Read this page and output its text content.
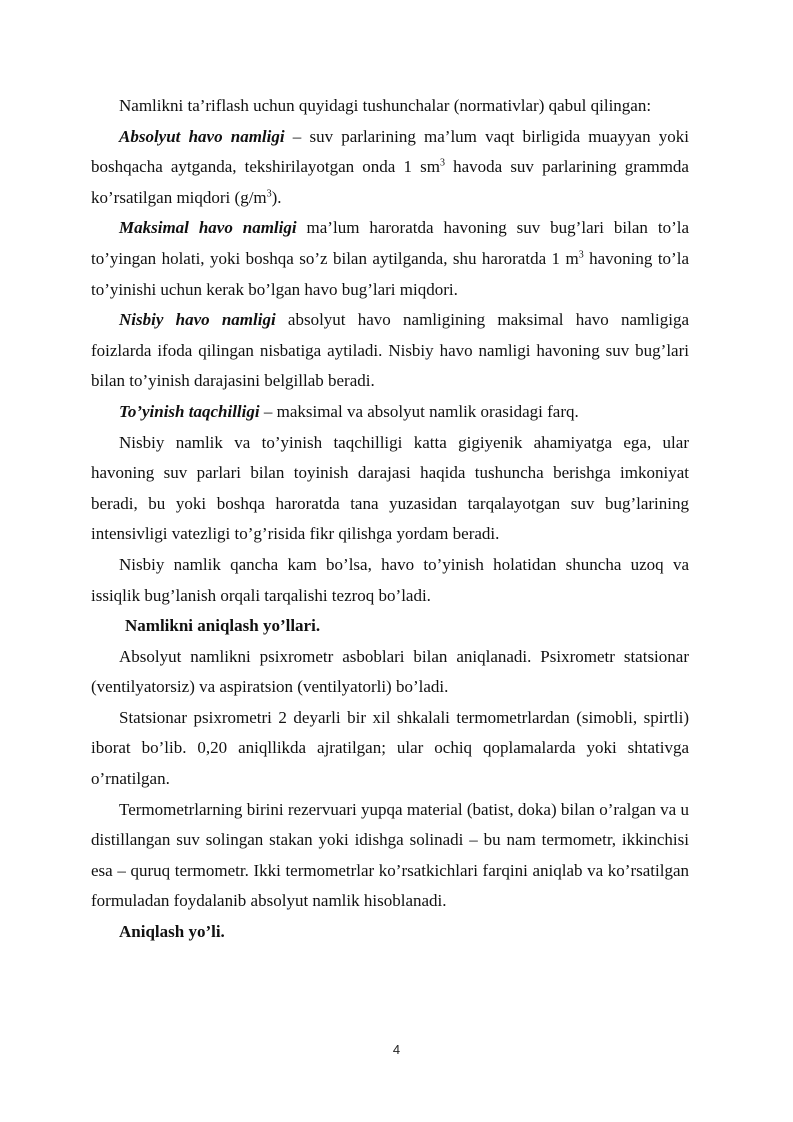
Namlikni ta’riflash uchun quyidagi tushunchalar (normativlar) qabul qilingan:

Absolyut havo namligi – suv parlarining ma’lum vaqt birligida muayyan yoki boshqacha aytganda, tekshirilayotgan onda 1 $sm^3$ havoda suv parlarining grammda ko’rsatilgan miqdori $(g/m^3)$.

Maksimal havo namligi ma’lum haroratda havoning suv bug’lari bilan to’la to’yingan holati, yoki boshqa so’z bilan aytilganda, shu haroratda 1 $m^3$ havoning to’la to’yinishi uchun kerak bo’lgan havo bug’lari miqdori.

Nisbiy havo namligi absolyut havo namligining maksimal havo namligiga foizlarda ifoda qilingan nisbatiga aytiladi. Nisbiy havo namligi havoning suv bug’lari bilan to’yinish darajasini belgillab beradi.

To’yinish taqchilligi – maksimal va absolyut namlik orasidagi farq.

Nisbiy namlik va to’yinish taqchilligi katta gigiyenik ahamiyatga ega, ular havoning suv parlari bilan toyinish darajasi haqida tushuncha berishga imkoniyat beradi, bu yoki boshqa haroratda tana yuzasidan tarqalayotgan suv bug’larining intensivligi vatezligi to’g’risida fikr qilishga yordam beradi.

Nisbiy namlik qancha kam bo’lsa, havo to’yinish holatidan shuncha uzoq va issiqlik bug’lanish orqali tarqalishi tezroq bo’ladi.

Namlikni aniqlash yo’llari.

Absolyut namlikni psixrometr asboblari bilan aniqlanadi. Psixrometr statsionar (ventilyatorsiz) va aspiratsion (ventilyatorli) bo’ladi.

Statsionar psixrometri 2 deyarli bir xil shkalali termometrlardan (simobli, spirtli) iborat bo’lib. 0,20 aniqllikda ajratilgan; ular ochiq qoplamalarda yoki shtativga o’rnatilgan.

Termometrlarning birini rezervuari yupqa material (batist, doka) bilan o’ralgan va u distillangan suv solingan stakan yoki idishga solinadi – bu nam termometr, ikkinchisi esa – quruq termometr. Ikki termometrlar ko’rsatkichlari farqini aniqlab va ko’rsatilgan formuladan foydalanib absolyut namlik hisoblanadi.

Aniqlash yo’li.

4
